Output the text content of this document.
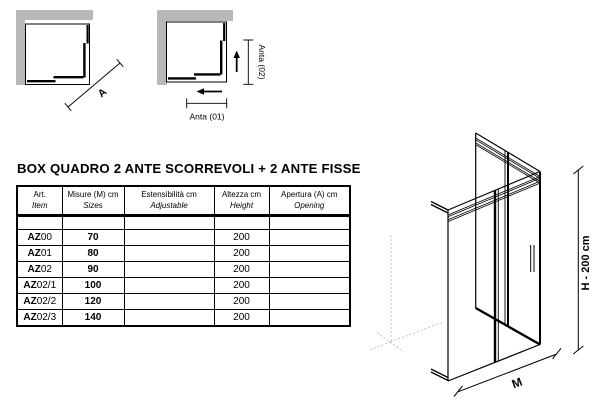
A
Anta (01)
Anta (02)
BOX QUADRO 2 ANTE SCORREVOLI + 2 ANTE FISSE
Art.
Item

Misure (M) cm
Sizes

Estensibilità cm
Adjustable

Altezza cm
Height

Apertura (A) cm
Opening

AZ00	70		200	
AZ01	80		200	
AZ02	90		200	
AZ02/1	100		200	
AZ02/2	120		200	
AZ02/3	140		200	
H - 200 cm
M
